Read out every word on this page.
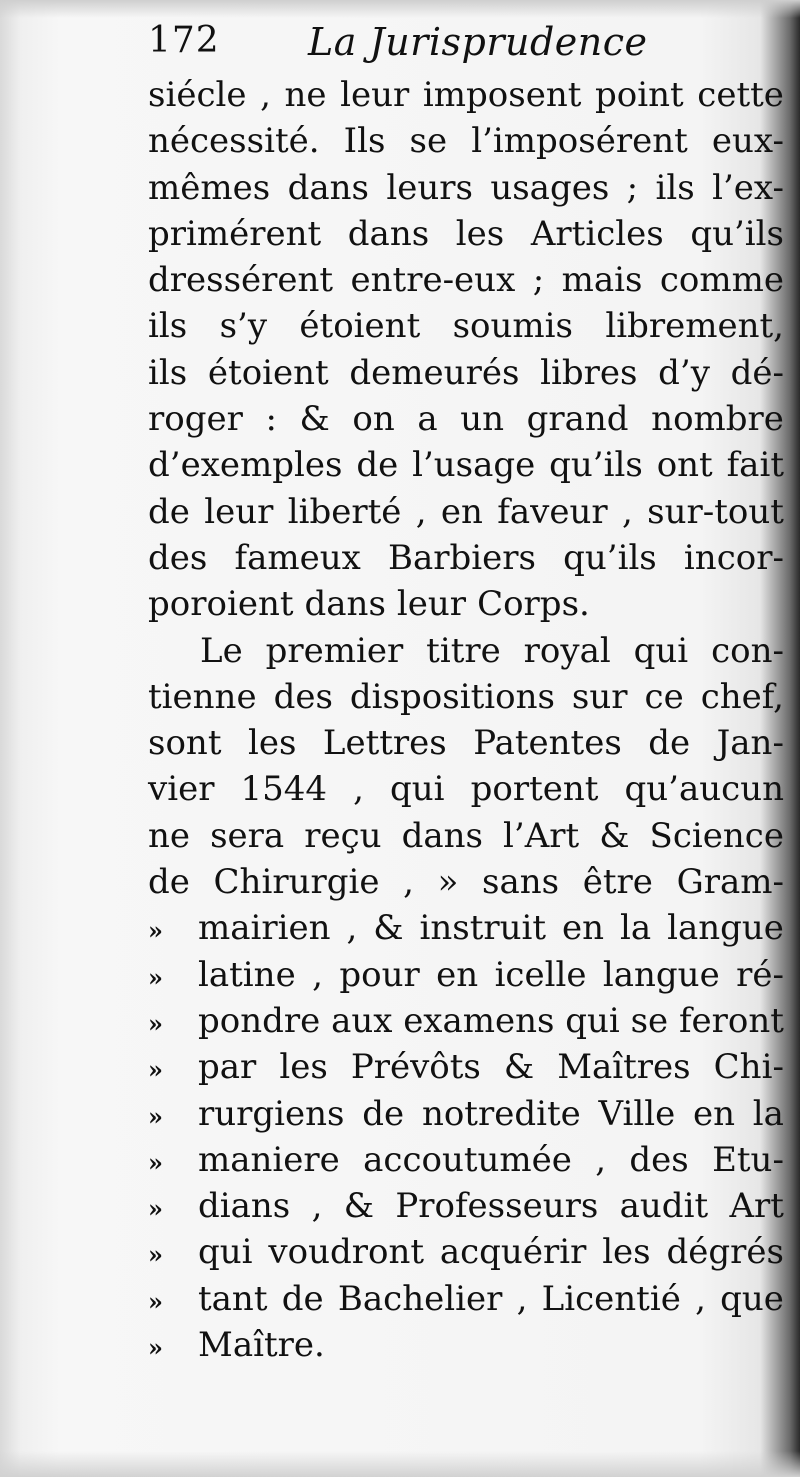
172 La Jurisprudence
siécle , ne leur imposent point cette
nécessité. Ils se l’imposérent eux-
mêmes dans leurs usages ; ils l’ex-
primérent dans les Articles qu’ils
dressérent entre-eux ; mais comme
ils s’y étoient soumis librement,
ils étoient demeurés libres d’y dé-
roger : & on a un grand nombre
d’exemples de l’usage qu’ils ont fait
de leur liberté , en faveur , sur-tout
des fameux Barbiers qu’ils incor-
poroient dans leur Corps.
Le premier titre royal qui con-
tienne des dispositions sur ce chef,
sont les Lettres Patentes de Jan-
vier 1544 , qui portent qu’aucun
ne sera reçu dans l’Art & Science
de Chirurgie , » sans être Gram-
»	mairien , & instruit en la langue
»	latine , pour en icelle langue ré-
»	pondre aux examens qui se feront
»	par les Prévôts & Maîtres Chi-
»	rurgiens de notredite Ville en la
»	maniere accoutumée , des Etu-
»	dians , & Professeurs audit Art
»	qui voudront acquérir les dégrés
»	tant de Bachelier , Licentié , que
»	Maître.
